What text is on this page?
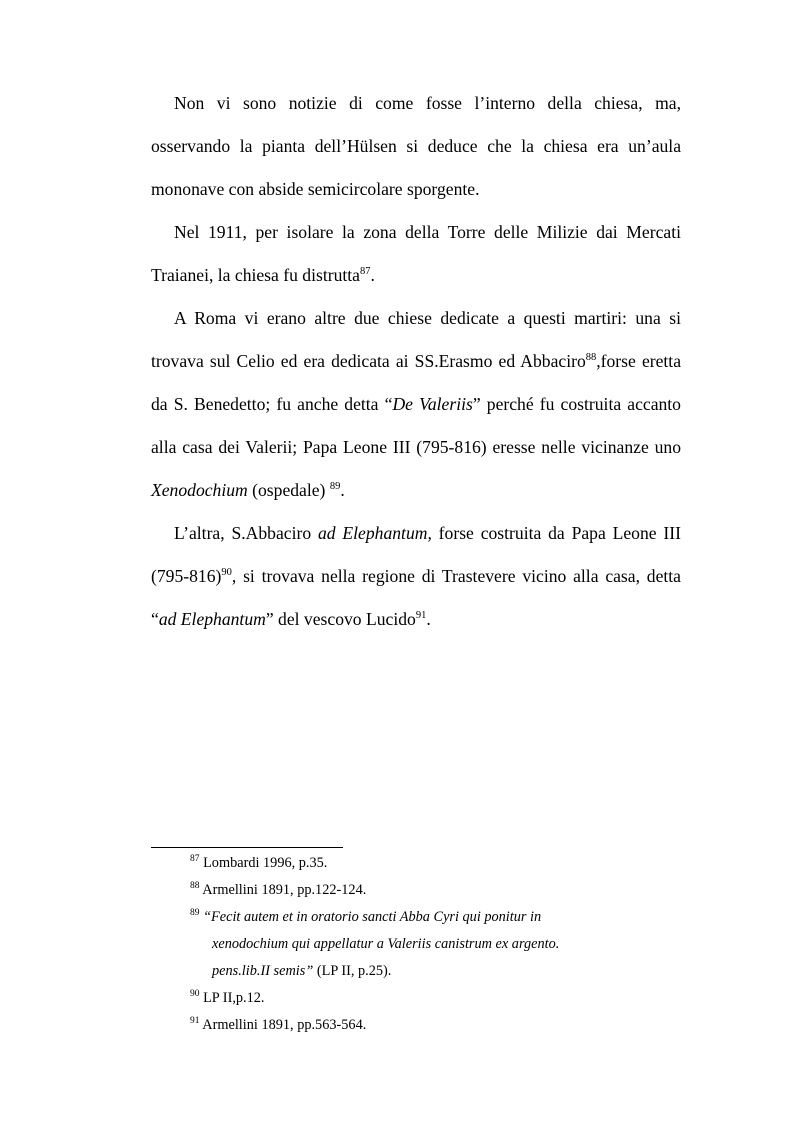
Non vi sono notizie di come fosse l’interno della chiesa, ma, osservando la pianta dell’Hülsen si deduce che la chiesa era un’aula mononave con abside semicircolare sporgente.

Nel 1911, per isolare la zona della Torre delle Milizie dai Mercati Traianei, la chiesa fu distrutta$^{87}$.

A Roma vi erano altre due chiese dedicate a questi martiri: una si trovava sul Celio ed era dedicata ai SS.Erasmo ed Abbaciro$^{88}$,forse eretta da S. Benedetto; fu anche detta “De Valeriis” perché fu costruita accanto alla casa dei Valerii; Papa Leone III (795-816) eresse nelle vicinanze uno Xenodochium (ospedale) $^{89}$.

L’altra, S.Abbaciro ad Elephantum, forse costruita da Papa Leone III $(795-816)^{90}$, si trovava nella regione di Trastevere vicino alla casa, detta “ad Elephantum” del vescovo Lucido$^{91}$.

$^{87}$ Lombardi 1996, p.35.

$^{88}$ Armellini 1891, pp.122-124.

$^{89}$ “Fecit autem et in oratorio sancti Abba Cyri qui ponitur in

xenodochium qui appellatur a Valeriis canistrum ex argento.

pens.lib.II semis” (LP II, p.25).

$^{90}$ LP II,p.12.

$^{91}$ Armellini 1891, pp.563-564.
